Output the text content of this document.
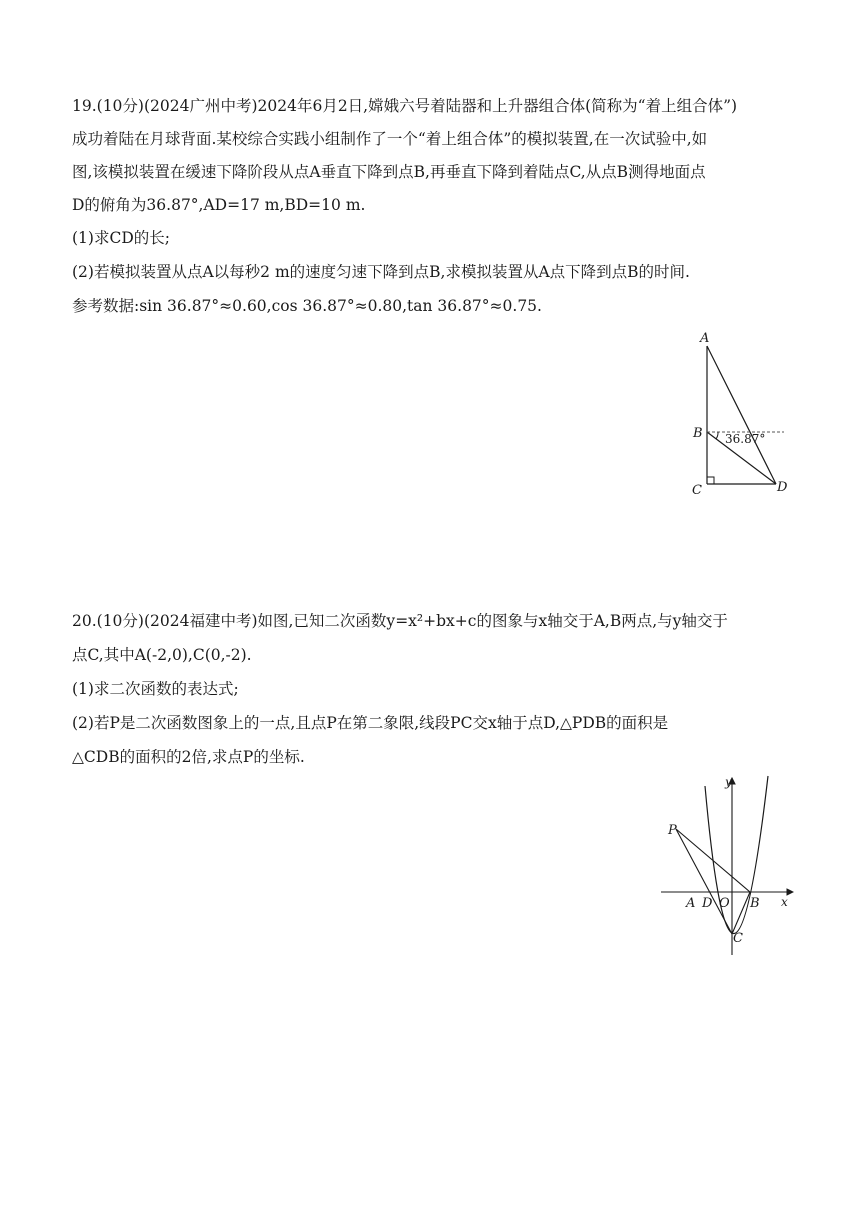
19.(10分)(2024广州中考)2024年6月2日,嫦娥六号着陆器和上升器组合体(简称为“着上组合体”)
成功着陆在月球背面.某校综合实践小组制作了一个“着上组合体”的模拟装置,在一次试验中,如
图,该模拟装置在缓速下降阶段从点A垂直下降到点B,再垂直下降到着陆点C,从点B测得地面点
D的俯角为36.87°,AD=17 m,BD=10 m.
(1)求CD的长;
(2)若模拟装置从点A以每秒2 m的速度匀速下降到点B,求模拟装置从A点下降到点B的时间.
参考数据:sin 36.87°≈0.60,cos 36.87°≈0.80,tan 36.87°≈0.75.
A
B
C	D
36.87°
20.(10分)(2024福建中考)如图,已知二次函数y=x²+bx+c的图象与x轴交于A,B两点,与y轴交于
点C,其中A(-2,0),C(0,-2).
(1)求二次函数的表达式;
(2)若P是二次函数图象上的一点,且点P在第二象限,线段PC交x轴于点D,△PDB的面积是
△CDB的面积的2倍,求点P的坐标.
y
x
P
A D O B
C
